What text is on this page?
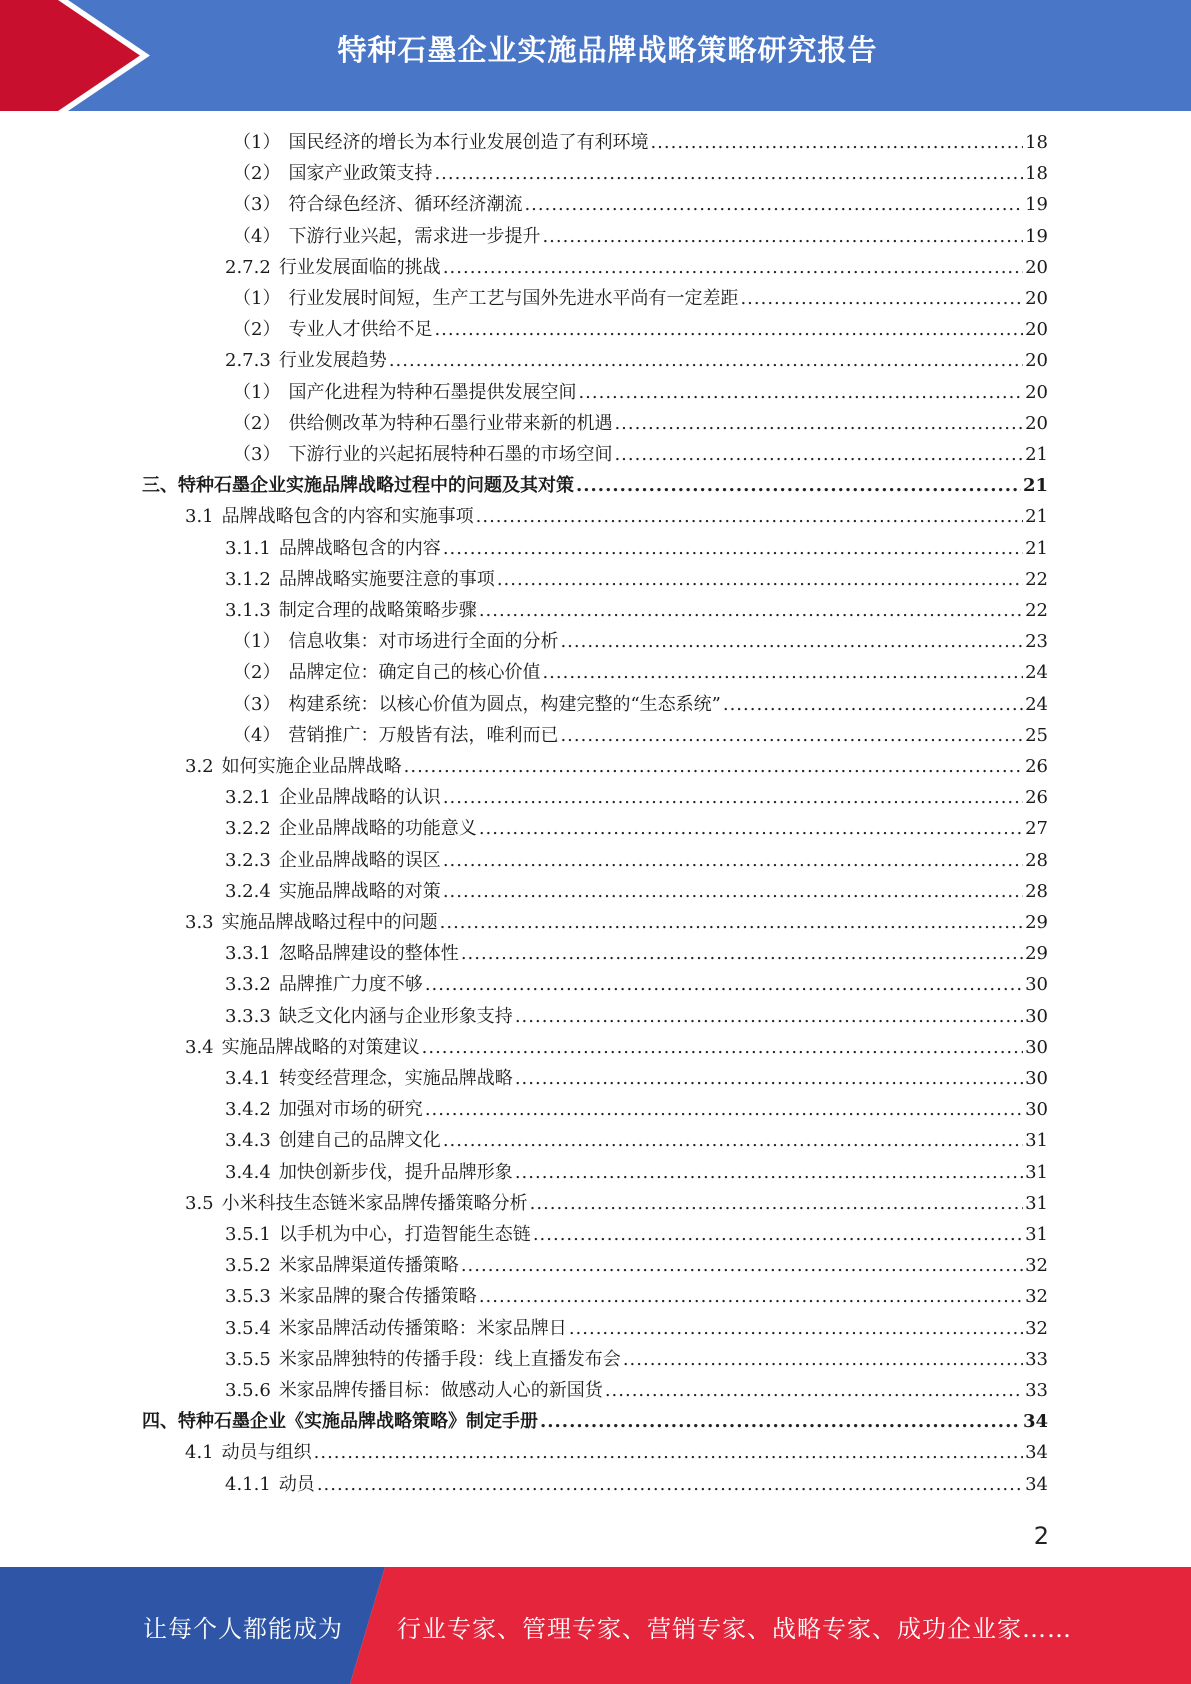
特种石墨企业实施品牌战略策略研究报告
（1） 国民经济的增长为本行业发展创造了有利环境 .....	18
（2） 国家产业政策支持 .....	18
（3） 符合绿色经济、循环经济潮流 .....	19
（4） 下游行业兴起，需求进一步提升 .....	19
2.7.2 行业发展面临的挑战 .....	20
（1） 行业发展时间短，生产工艺与国外先进水平尚有一定差距 .....	20
（2） 专业人才供给不足 .....	20
2.7.3 行业发展趋势 .....	20
（1） 国产化进程为特种石墨提供发展空间 .....	20
（2） 供给侧改革为特种石墨行业带来新的机遇 .....	20
（3） 下游行业的兴起拓展特种石墨的市场空间 .....	21
三、 特种石墨企业实施品牌战略过程中的问题及其对策 .....	21
3.1 品牌战略包含的内容和实施事项 .....	21
3.1.1 品牌战略包含的内容 .....	21
3.1.2 品牌战略实施要注意的事项 .....	22
3.1.3 制定合理的战略策略步骤 .....	22
（1） 信息收集：对市场进行全面的分析 .....	23
（2） 品牌定位：确定自己的核心价值 .....	24
（3） 构建系统：以核心价值为圆点，构建完整的“生态系统” .....	24
（4） 营销推广：万般皆有法，唯利而已 .....	25
3.2 如何实施企业品牌战略 .....	26
3.2.1 企业品牌战略的认识 .....	26
3.2.2 企业品牌战略的功能意义 .....	27
3.2.3 企业品牌战略的误区 .....	28
3.2.4 实施品牌战略的对策 .....	28
3.3 实施品牌战略过程中的问题 .....	29
3.3.1 忽略品牌建设的整体性 .....	29
3.3.2 品牌推广力度不够 .....	30
3.3.3 缺乏文化内涵与企业形象支持 .....	30
3.4 实施品牌战略的对策建议 .....	30
3.4.1 转变经营理念，实施品牌战略 .....	30
3.4.2 加强对市场的研究 .....	30
3.4.3 创建自己的品牌文化 .....	31
3.4.4 加快创新步伐，提升品牌形象 .....	31
3.5 小米科技生态链米家品牌传播策略分析 .....	31
3.5.1 以手机为中心，打造智能生态链 .....	31
3.5.2 米家品牌渠道传播策略 .....	32
3.5.3 米家品牌的聚合传播策略 .....	32
3.5.4 米家品牌活动传播策略：米家品牌日 .....	32
3.5.5 米家品牌独特的传播手段：线上直播发布会 .....	33
3.5.6 米家品牌传播目标：做感动人心的新国货 .....	33
四、 特种石墨企业《实施品牌战略策略》制定手册 .....	34
4.1 动员与组织 .....	34
4.1.1 动员 .....	34
2
让每个人都能成为 行业专家、管理专家、营销专家、战略专家、成功企业家……
